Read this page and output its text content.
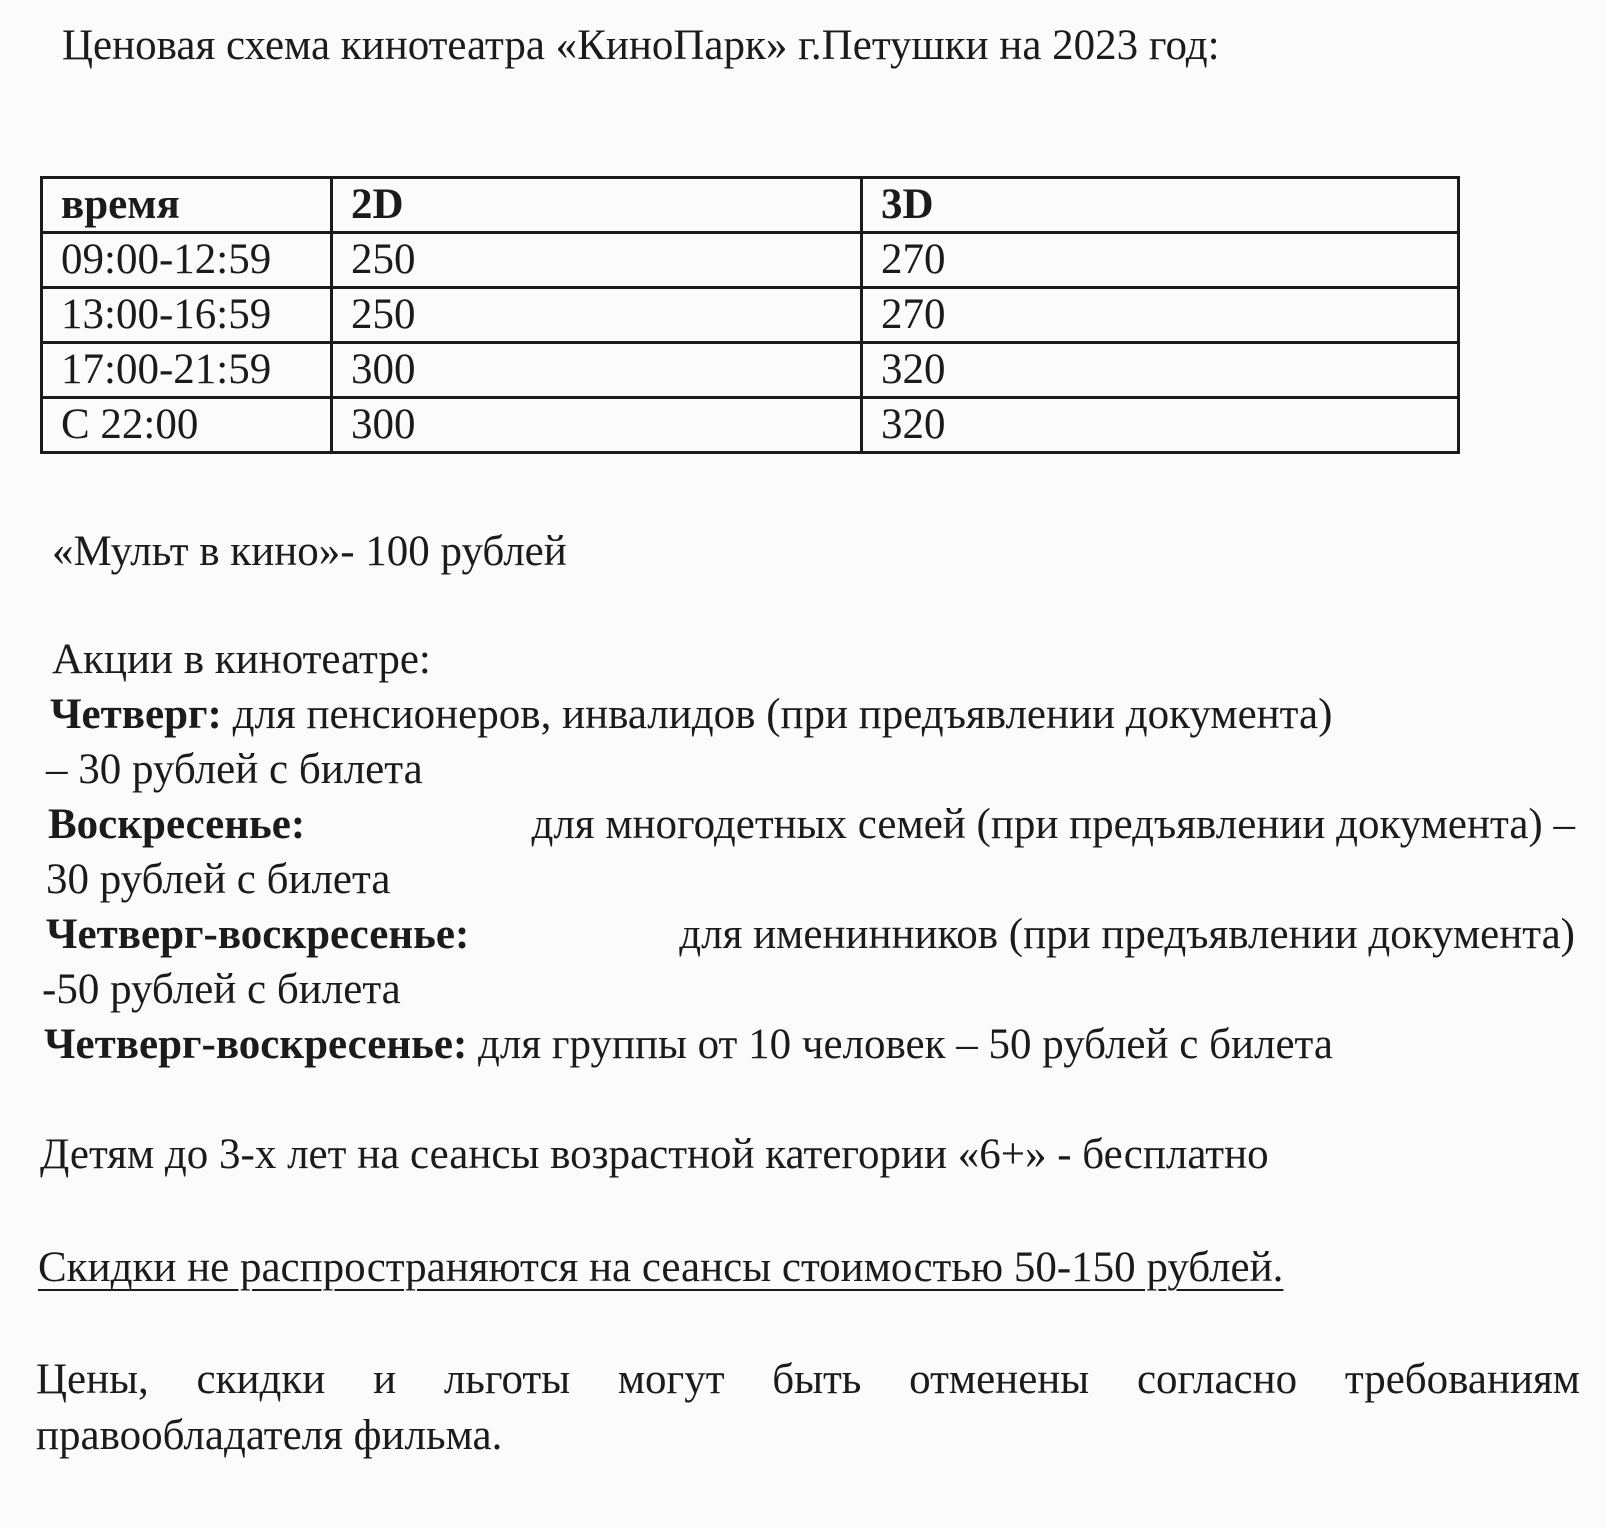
Ценовая схема кинотеатра «КиноПарк» г.Петушки на 2023 год:
время	2D	3D
09:00-12:59	250	270
13:00-16:59	250	270
17:00-21:59	300	320
С 22:00	300	320
«Мульт в кино»- 100 рублей
Акции в кинотеатре:
Четверг: для пенсионеров, инвалидов (при предъявлении документа)
– 30 рублей с билета
Воскресенье:	для многодетных семей (при предъявлении документа) –
30 рублей с билета
Четверг-воскресенье:	для именинников (при предъявлении документа)
-50 рублей с билета
Четверг-воскресенье: для группы от 10 человек – 50 рублей с билета
Детям до 3-х лет на сеансы возрастной категории «6+» - бесплатно
Скидки не распространяются на сеансы стоимостью 50-150 рублей.
Цены, скидки и льготы могут быть отменены согласно требованиям правообладателя фильма.
